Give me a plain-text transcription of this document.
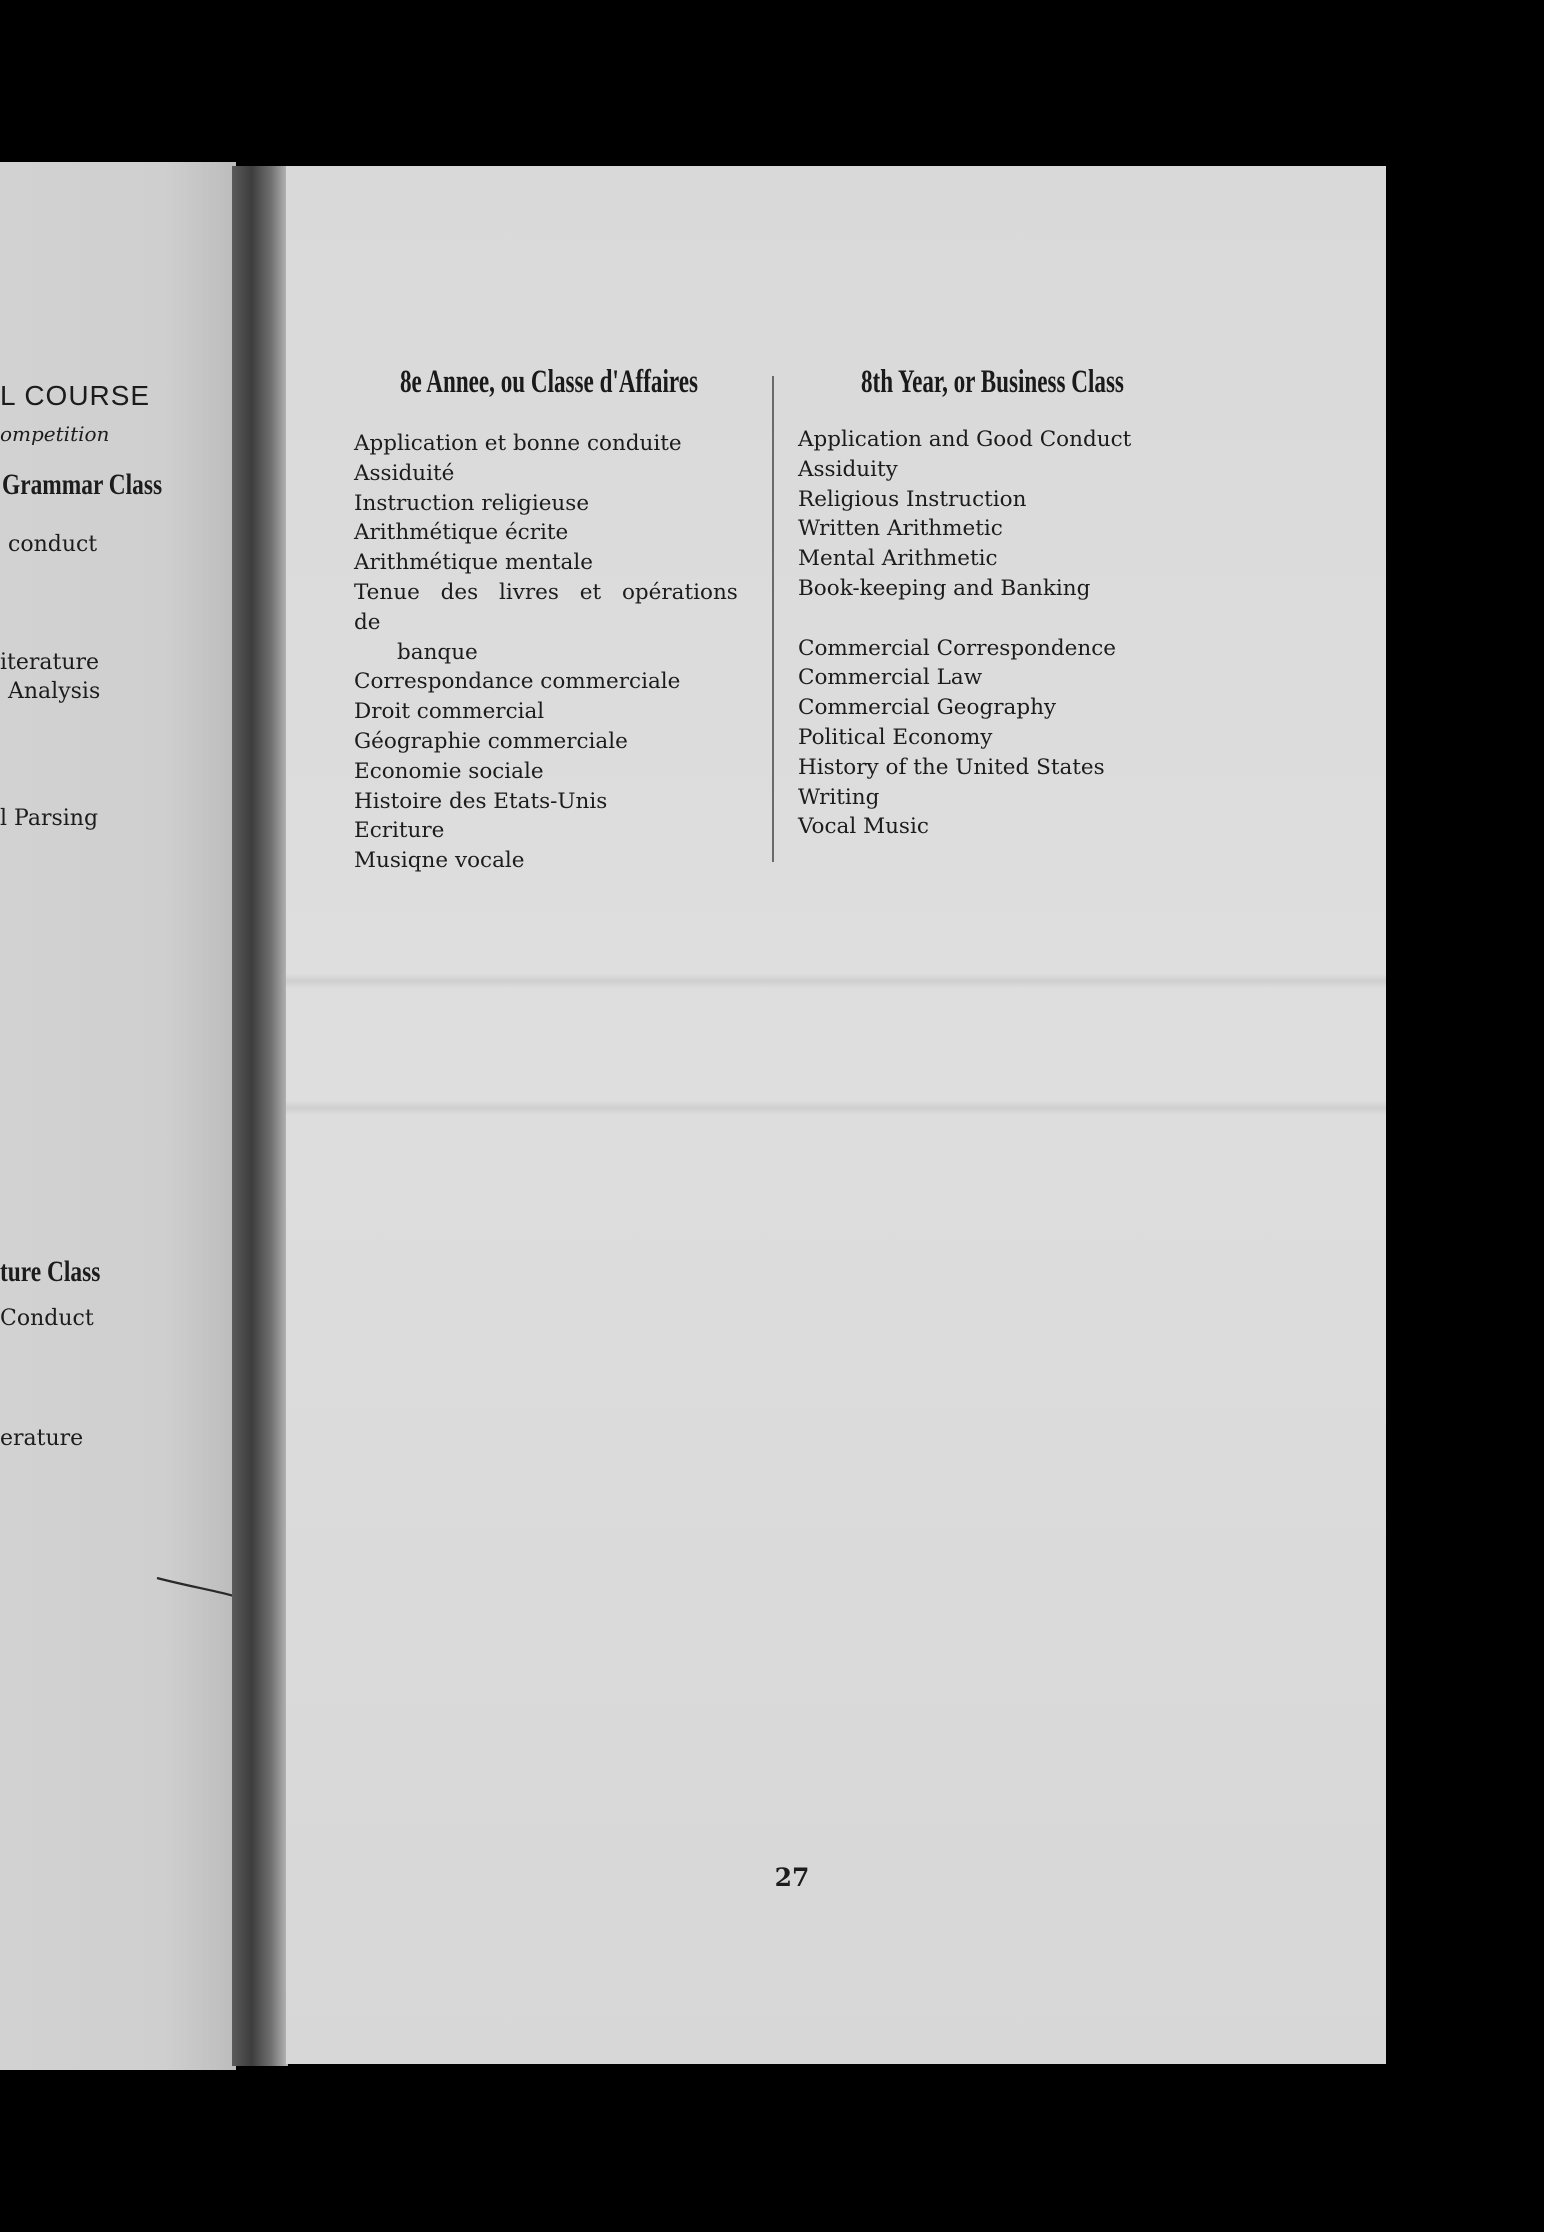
L COURSE
ompetition
Grammar Class
conduct
iterature
Analysis
l Parsing
ture Class
Conduct
erature
8e Annee, ou Classe d'Affaires	8th Year, or Business Class
Application et bonne conduite
Assiduité
Instruction religieuse
Arithmétique écrite
Arithmétique mentale
Tenue des livres et opérations de
banque
Correspondance commerciale
Droit commercial
Géographie commerciale
Economie sociale
Histoire des Etats-Unis
Ecriture
Musiqne vocale
Application and Good Conduct
Assiduity
Religious Instruction
Written Arithmetic
Mental Arithmetic
Book-keeping and Banking
Commercial Correspondence
Commercial Law
Commercial Geography
Political Economy
History of the United States
Writing
Vocal Music
27
